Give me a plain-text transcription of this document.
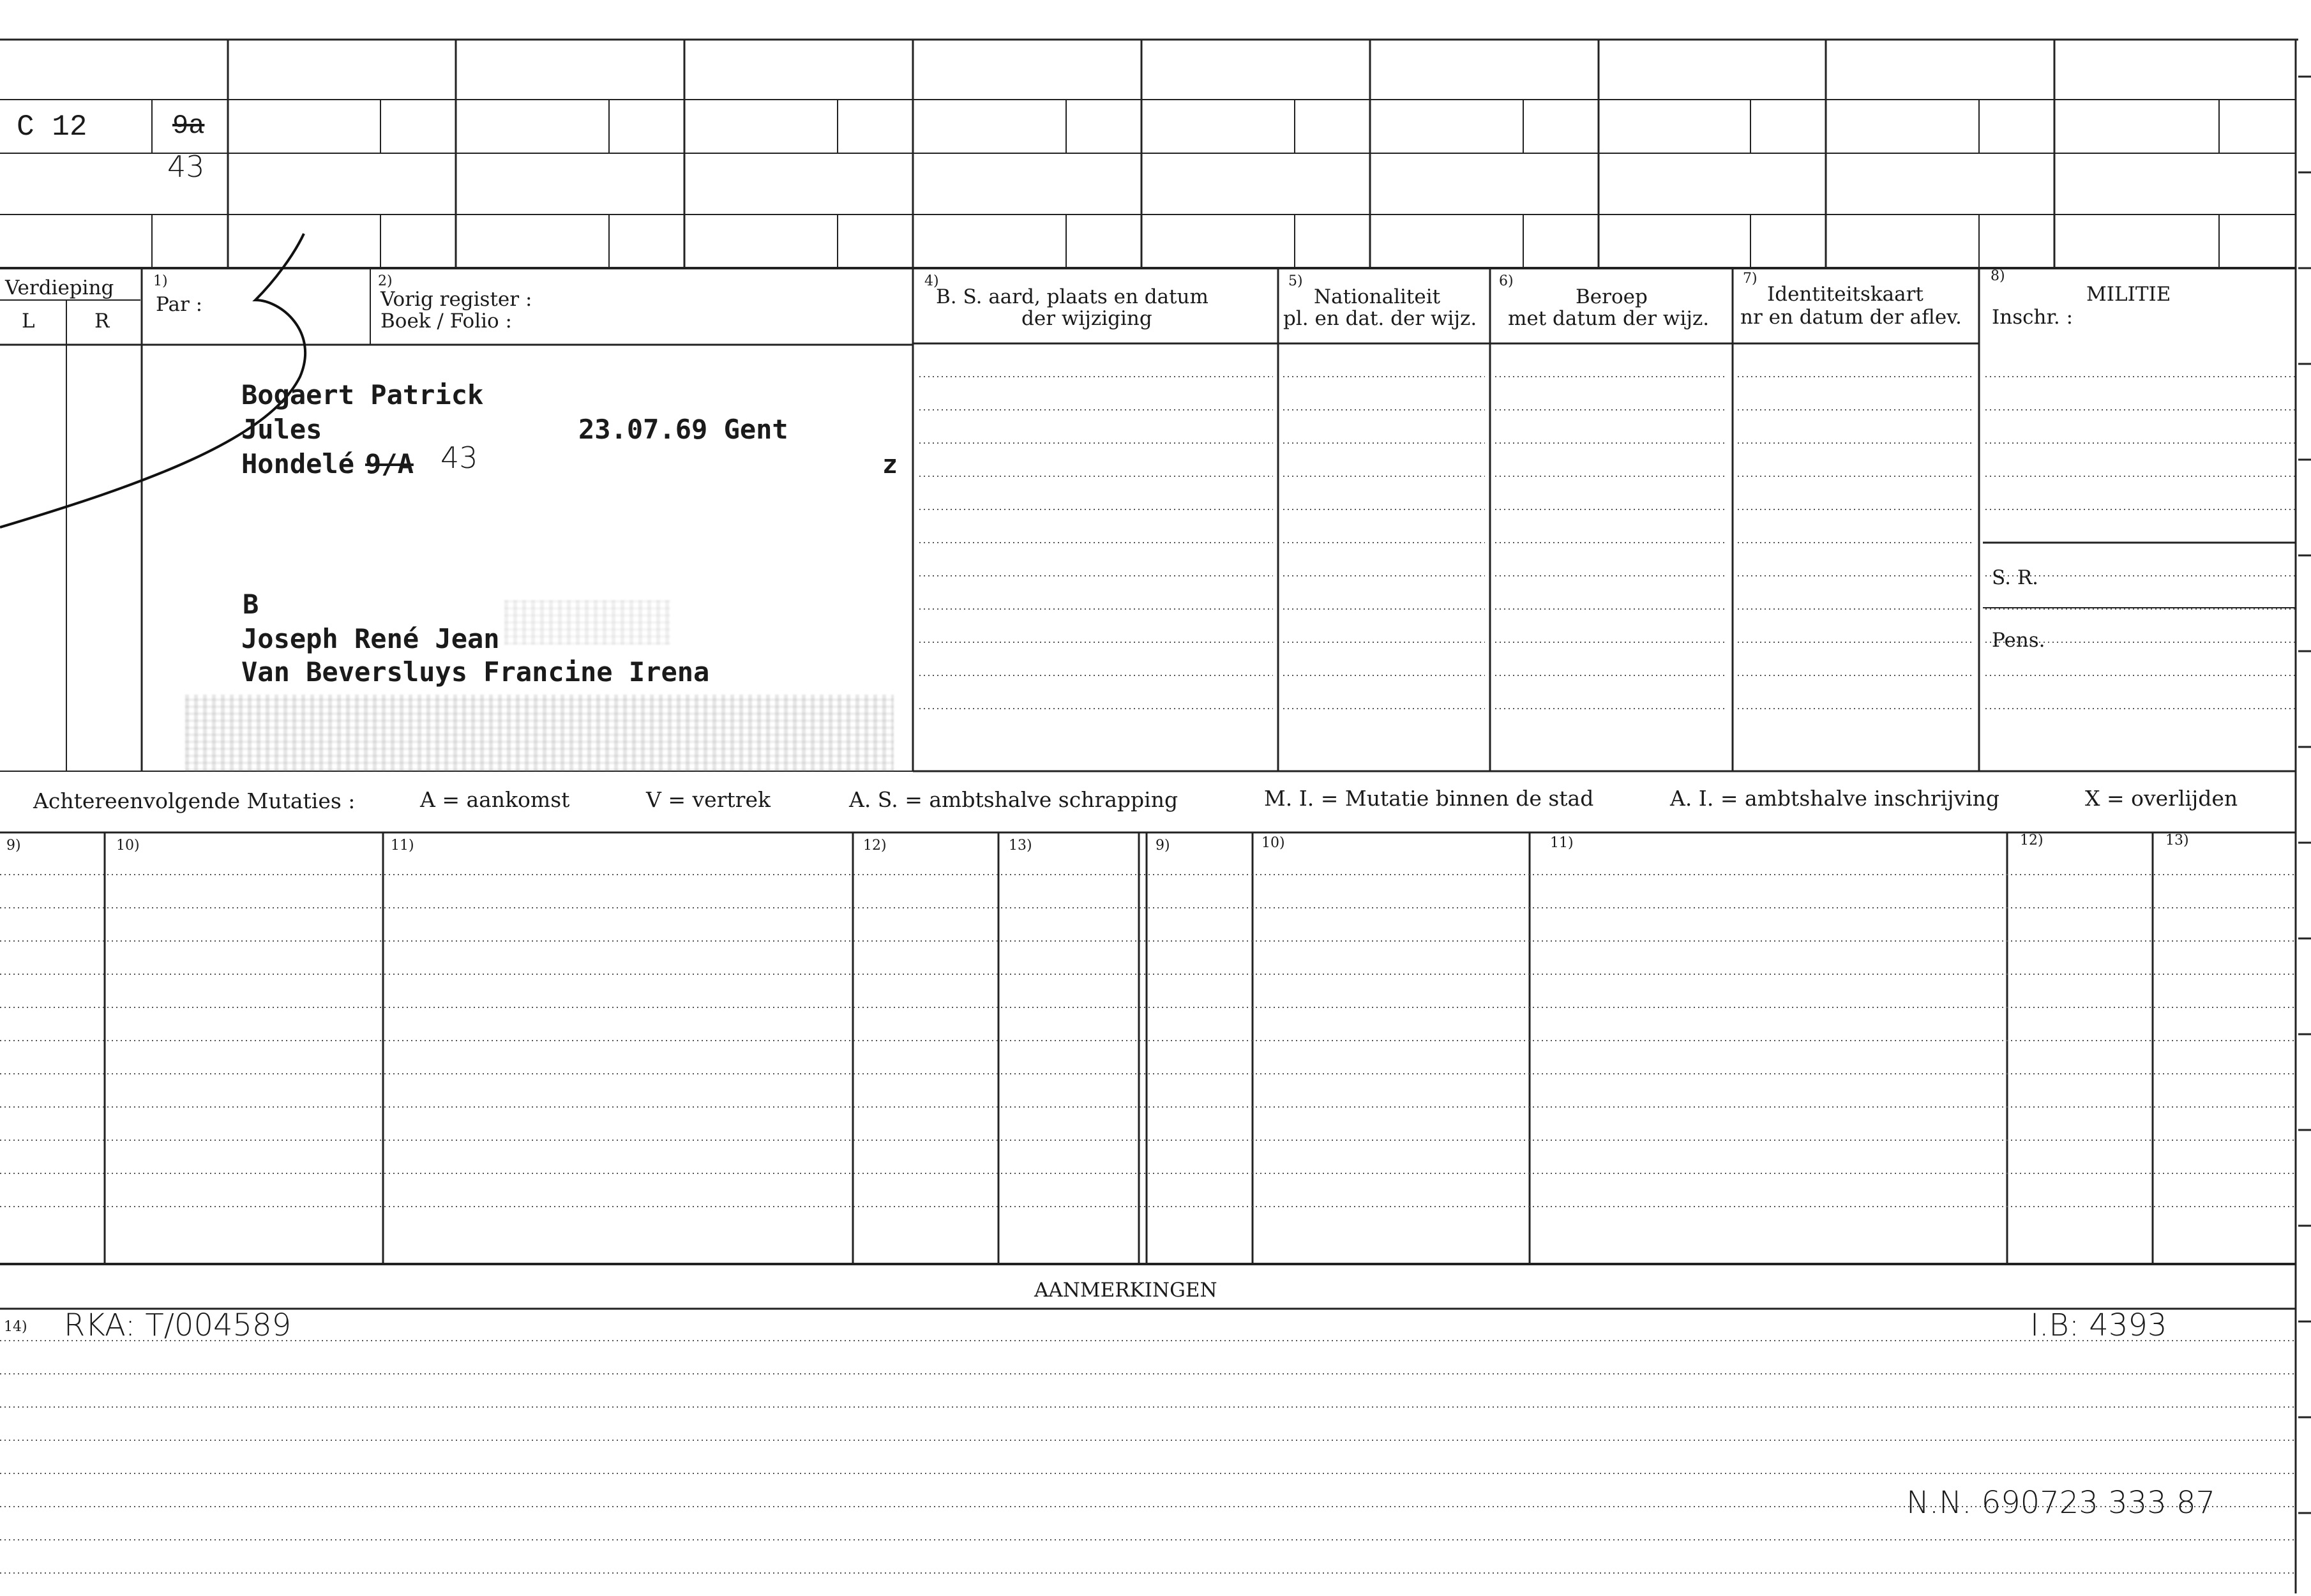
C 12	9a
43
Verdieping
L	R
1)
Par :
2)
Vorig register :
Boek / Folio :
4)
B. S. aard, plaats en datum
der wijziging
5)
Nationaliteit
pl. en dat. der wijz.
6)
Beroep
met datum der wijz.
7)
Identiteitskaart
nr en datum der aflev.
8)
MILITIE
Inschr. :
S. R.
Pens.
Bogaert Patrick
Jules	23.07.69 Gent
Hondelé 9/A 43	z
B
Joseph René Jean
Van Beversluys Francine Irena
Achtereenvolgende Mutaties :	A = aankomst	V = vertrek	A. S. = ambtshalve schrapping	M. I. = Mutatie binnen de stad	A. I. = ambtshalve inschrijving	X = overlijden
9)	10)	11)	12)	13)	9)	10)	11)	12)	13)
AANMERKINGEN
14) RKA: T/004589	I.B: 4393
N.N. 690723 333 87
